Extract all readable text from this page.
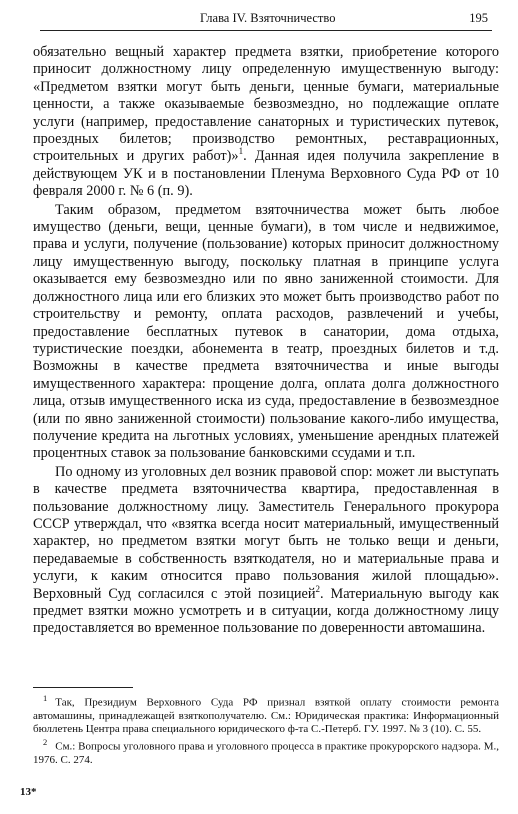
Глава IV. Взяточничество	195

обязательно вещный характер предмета взятки, приобретение которого приносит должностному лицу определенную имущественную выгоду: «Предметом взятки могут быть деньги, ценные бумаги, материальные ценности, а также оказываемые безвозмездно, но подлежащие оплате услуги (например, предоставление санаторных и туристических путевок, проездных билетов; производство ремонтных, реставрационных, строительных и других работ)»$^1$. Данная идея получила закрепление в действующем УК и в постановлении Пленума Верховного Суда РФ от 10 февраля 2000 г. № 6 (п. 9).

Таким образом, предметом взяточничества может быть любое имущество (деньги, вещи, ценные бумаги), в том числе и недвижимое, права и услуги, получение (пользование) которых приносит должностному лицу имущественную выгоду, поскольку платная в принципе услуга оказывается ему безвозмездно или по явно заниженной стоимости. Для должностного лица или его близких это может быть производство работ по строительству и ремонту, оплата расходов, развлечений и учебы, предоставление бесплатных путевок в санатории, дома отдыха, туристические поездки, абонемента в театр, проездных билетов и т.д. Возможны в качестве предмета взяточничества и иные выгоды имущественного характера: прощение долга, оплата долга должностного лица, отзыв имущественного иска из суда, предоставление в безвозмездное (или по явно заниженной стоимости) пользование какого-либо имущества, получение кредита на льготных условиях, уменьшение арендных платежей процентных ставок за пользование банковскими ссудами и т.п.

По одному из уголовных дел возник правовой спор: может ли выступать в качестве предмета взяточничества квартира, предоставленная в пользование должностному лицу. Заместитель Генерального прокурора СССР утверждал, что «взятка всегда носит материальный, имущественный характер, но предметом взятки могут быть не только вещи и деньги, передаваемые в собственность взяткодателя, но и материальные права и услуги, к каким относится право пользования жилой площадью». Верховный Суд согласился с этой позицией$^2$. Материальную выгоду как предмет взятки можно усмотреть и в ситуации, когда должностному лицу предоставляется во временное пользование по доверенности автомашина.

$^1$ Так, Президиум Верховного Суда РФ признал взяткой оплату стоимости ремонта автомашины, принадлежащей взяткополучателю. См.: Юридическая практика: Информационный бюллетень Центра права специального юридического ф-та С.-Петерб. ГУ. 1997. № 3 (10). С. 55.

$^2$ См.: Вопросы уголовного права и уголовного процесса в практике прокурорского надзора. М., 1976. С. 274.

13*
